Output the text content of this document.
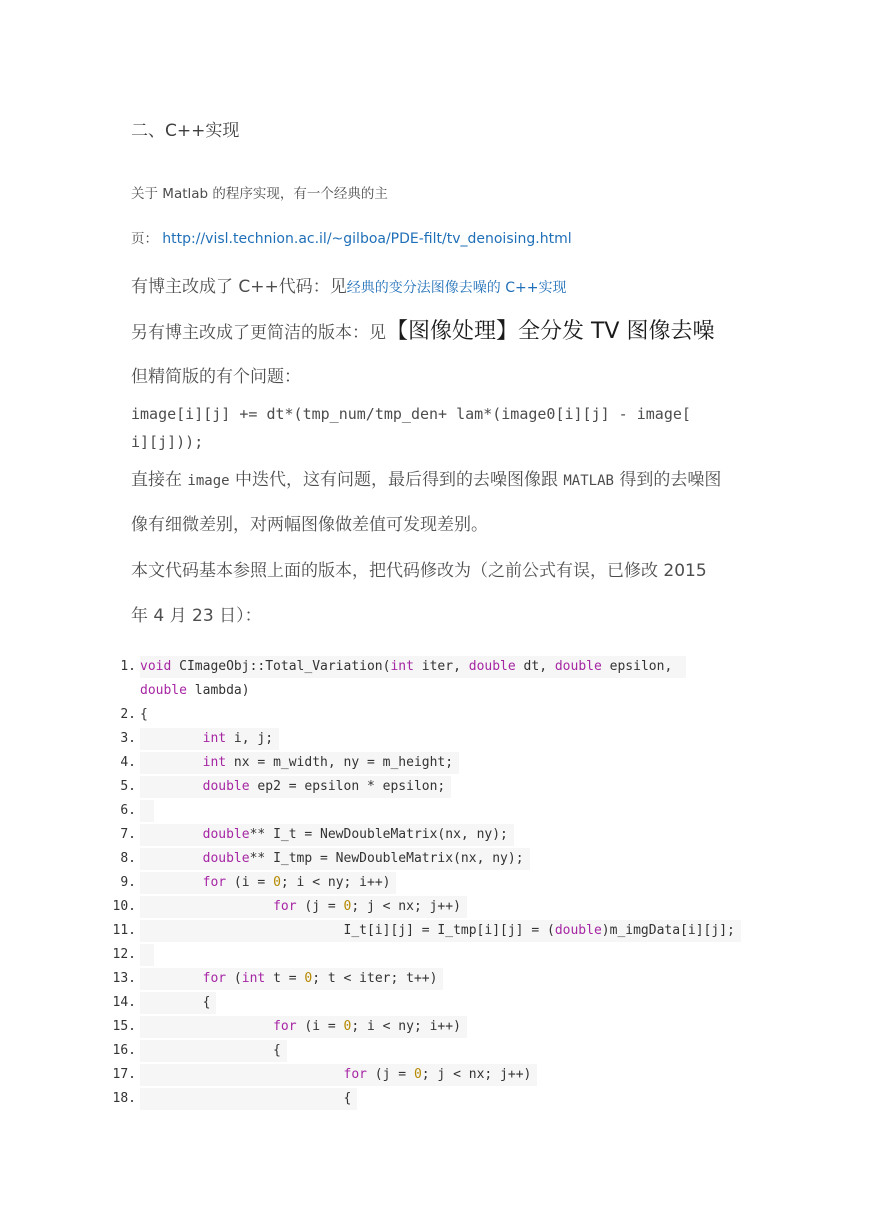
二、C++实现
关于 Matlab 的程序实现，有一个经典的主
页： http://visl.technion.ac.il/~gilboa/PDE-filt/tv_denoising.html
有博主改成了 C++代码：见经典的变分法图像去噪的 C++实现
另有博主改成了更简洁的版本：见【图像处理】全分发 TV 图像去噪
但精简版的有个问题：
image[i][j] += dt*(tmp_num/tmp_den+ lam*(image0[i][j] - image[
i][j]));
直接在 image 中迭代，这有问题，最后得到的去噪图像跟 MATLAB 得到的去噪图
像有细微差别，对两幅图像做差值可发现差别。
本文代码基本参照上面的版本，把代码修改为（之前公式有误，已修改 2015
年 4 月 23 日）：
1. void CImageObj::Total_Variation(int iter, double dt, double epsilon,
double lambda)
2. {
3.	int i, j;
4.	int nx = m_width, ny = m_height;
5.	double ep2 = epsilon * epsilon;
6.

7.	double** I_t = NewDoubleMatrix(nx, ny);
8.	double** I_tmp = NewDoubleMatrix(nx, ny);
9.	for (i = 0; i < ny; i++)
10.	for (j = 0; j < nx; j++)
11. I_t[i][j] = I_tmp[i][j] = (double)m_imgData[i][j];
12.

13.	for (int t = 0; t < iter; t++)
14. {
15.	for (i = 0; i < ny; i++)
16. {
17.	for (j = 0; j < nx; j++)
18. {
